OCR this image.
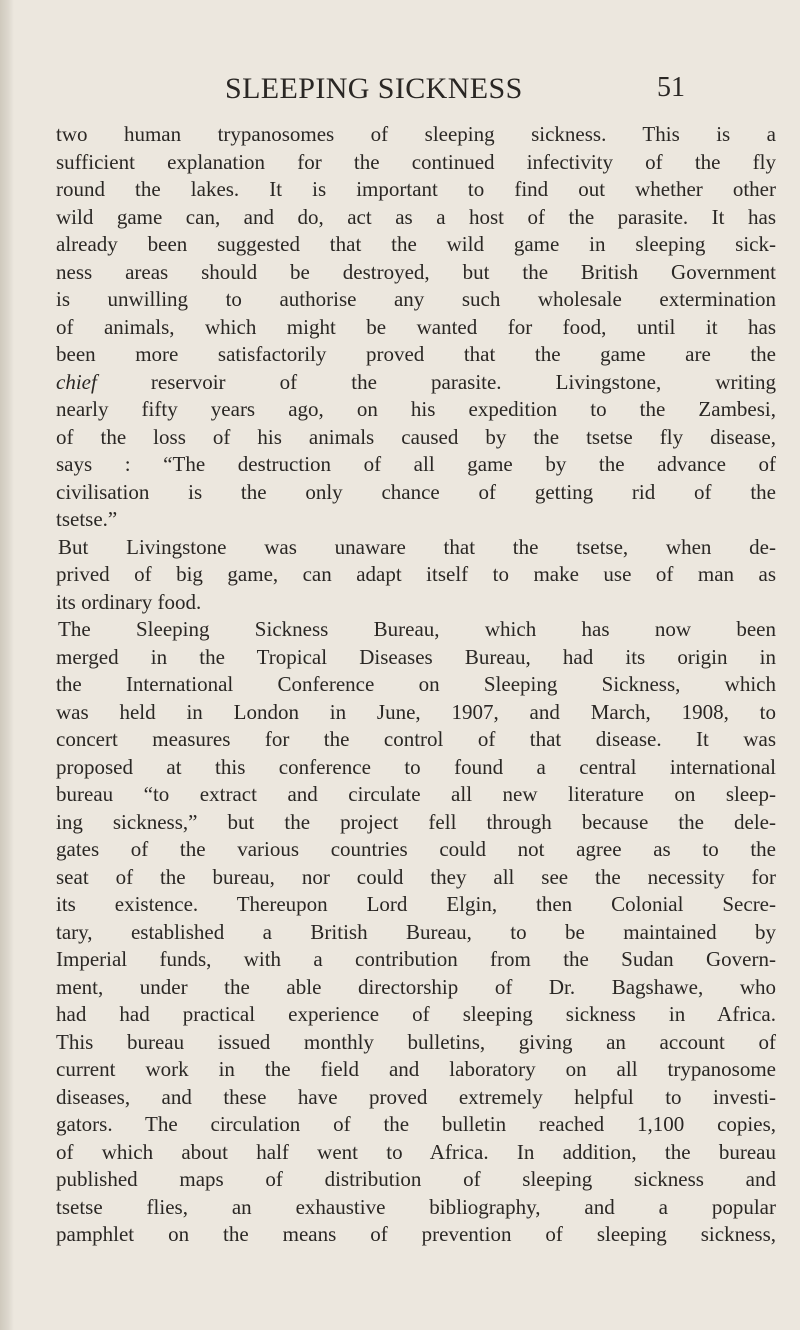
SLEEPING SICKNESS	51
two human trypanosomes of sleeping sickness. This is a
sufficient explanation for the continued infectivity of the fly
round the lakes. It is important to find out whether other
wild game can, and do, act as a host of the parasite. It has
already been suggested that the wild game in sleeping sick-
ness areas should be destroyed, but the British Government
is unwilling to authorise any such wholesale extermination
of animals, which might be wanted for food, until it has
been more satisfactorily proved that the game are the
chief reservoir of the parasite. Livingstone, writing
nearly fifty years ago, on his expedition to the Zambesi,
of the loss of his animals caused by the tsetse fly disease,
says : “The destruction of all game by the advance of
civilisation is the only chance of getting rid of the
tsetse.”
But Livingstone was unaware that the tsetse, when de-
prived of big game, can adapt itself to make use of man as
its ordinary food.
The Sleeping Sickness Bureau, which has now been
merged in the Tropical Diseases Bureau, had its origin in
the International Conference on Sleeping Sickness, which
was held in London in June, 1907, and March, 1908, to
concert measures for the control of that disease. It was
proposed at this conference to found a central international
bureau “to extract and circulate all new literature on sleep-
ing sickness,” but the project fell through because the dele-
gates of the various countries could not agree as to the
seat of the bureau, nor could they all see the necessity for
its existence. Thereupon Lord Elgin, then Colonial Secre-
tary, established a British Bureau, to be maintained by
Imperial funds, with a contribution from the Sudan Govern-
ment, under the able directorship of Dr. Bagshawe, who
had had practical experience of sleeping sickness in Africa.
This bureau issued monthly bulletins, giving an account of
current work in the field and laboratory on all trypanosome
diseases, and these have proved extremely helpful to investi-
gators. The circulation of the bulletin reached 1,100 copies,
of which about half went to Africa. In addition, the bureau
published maps of distribution of sleeping sickness and
tsetse flies, an exhaustive bibliography, and a popular
pamphlet on the means of prevention of sleeping sickness,
